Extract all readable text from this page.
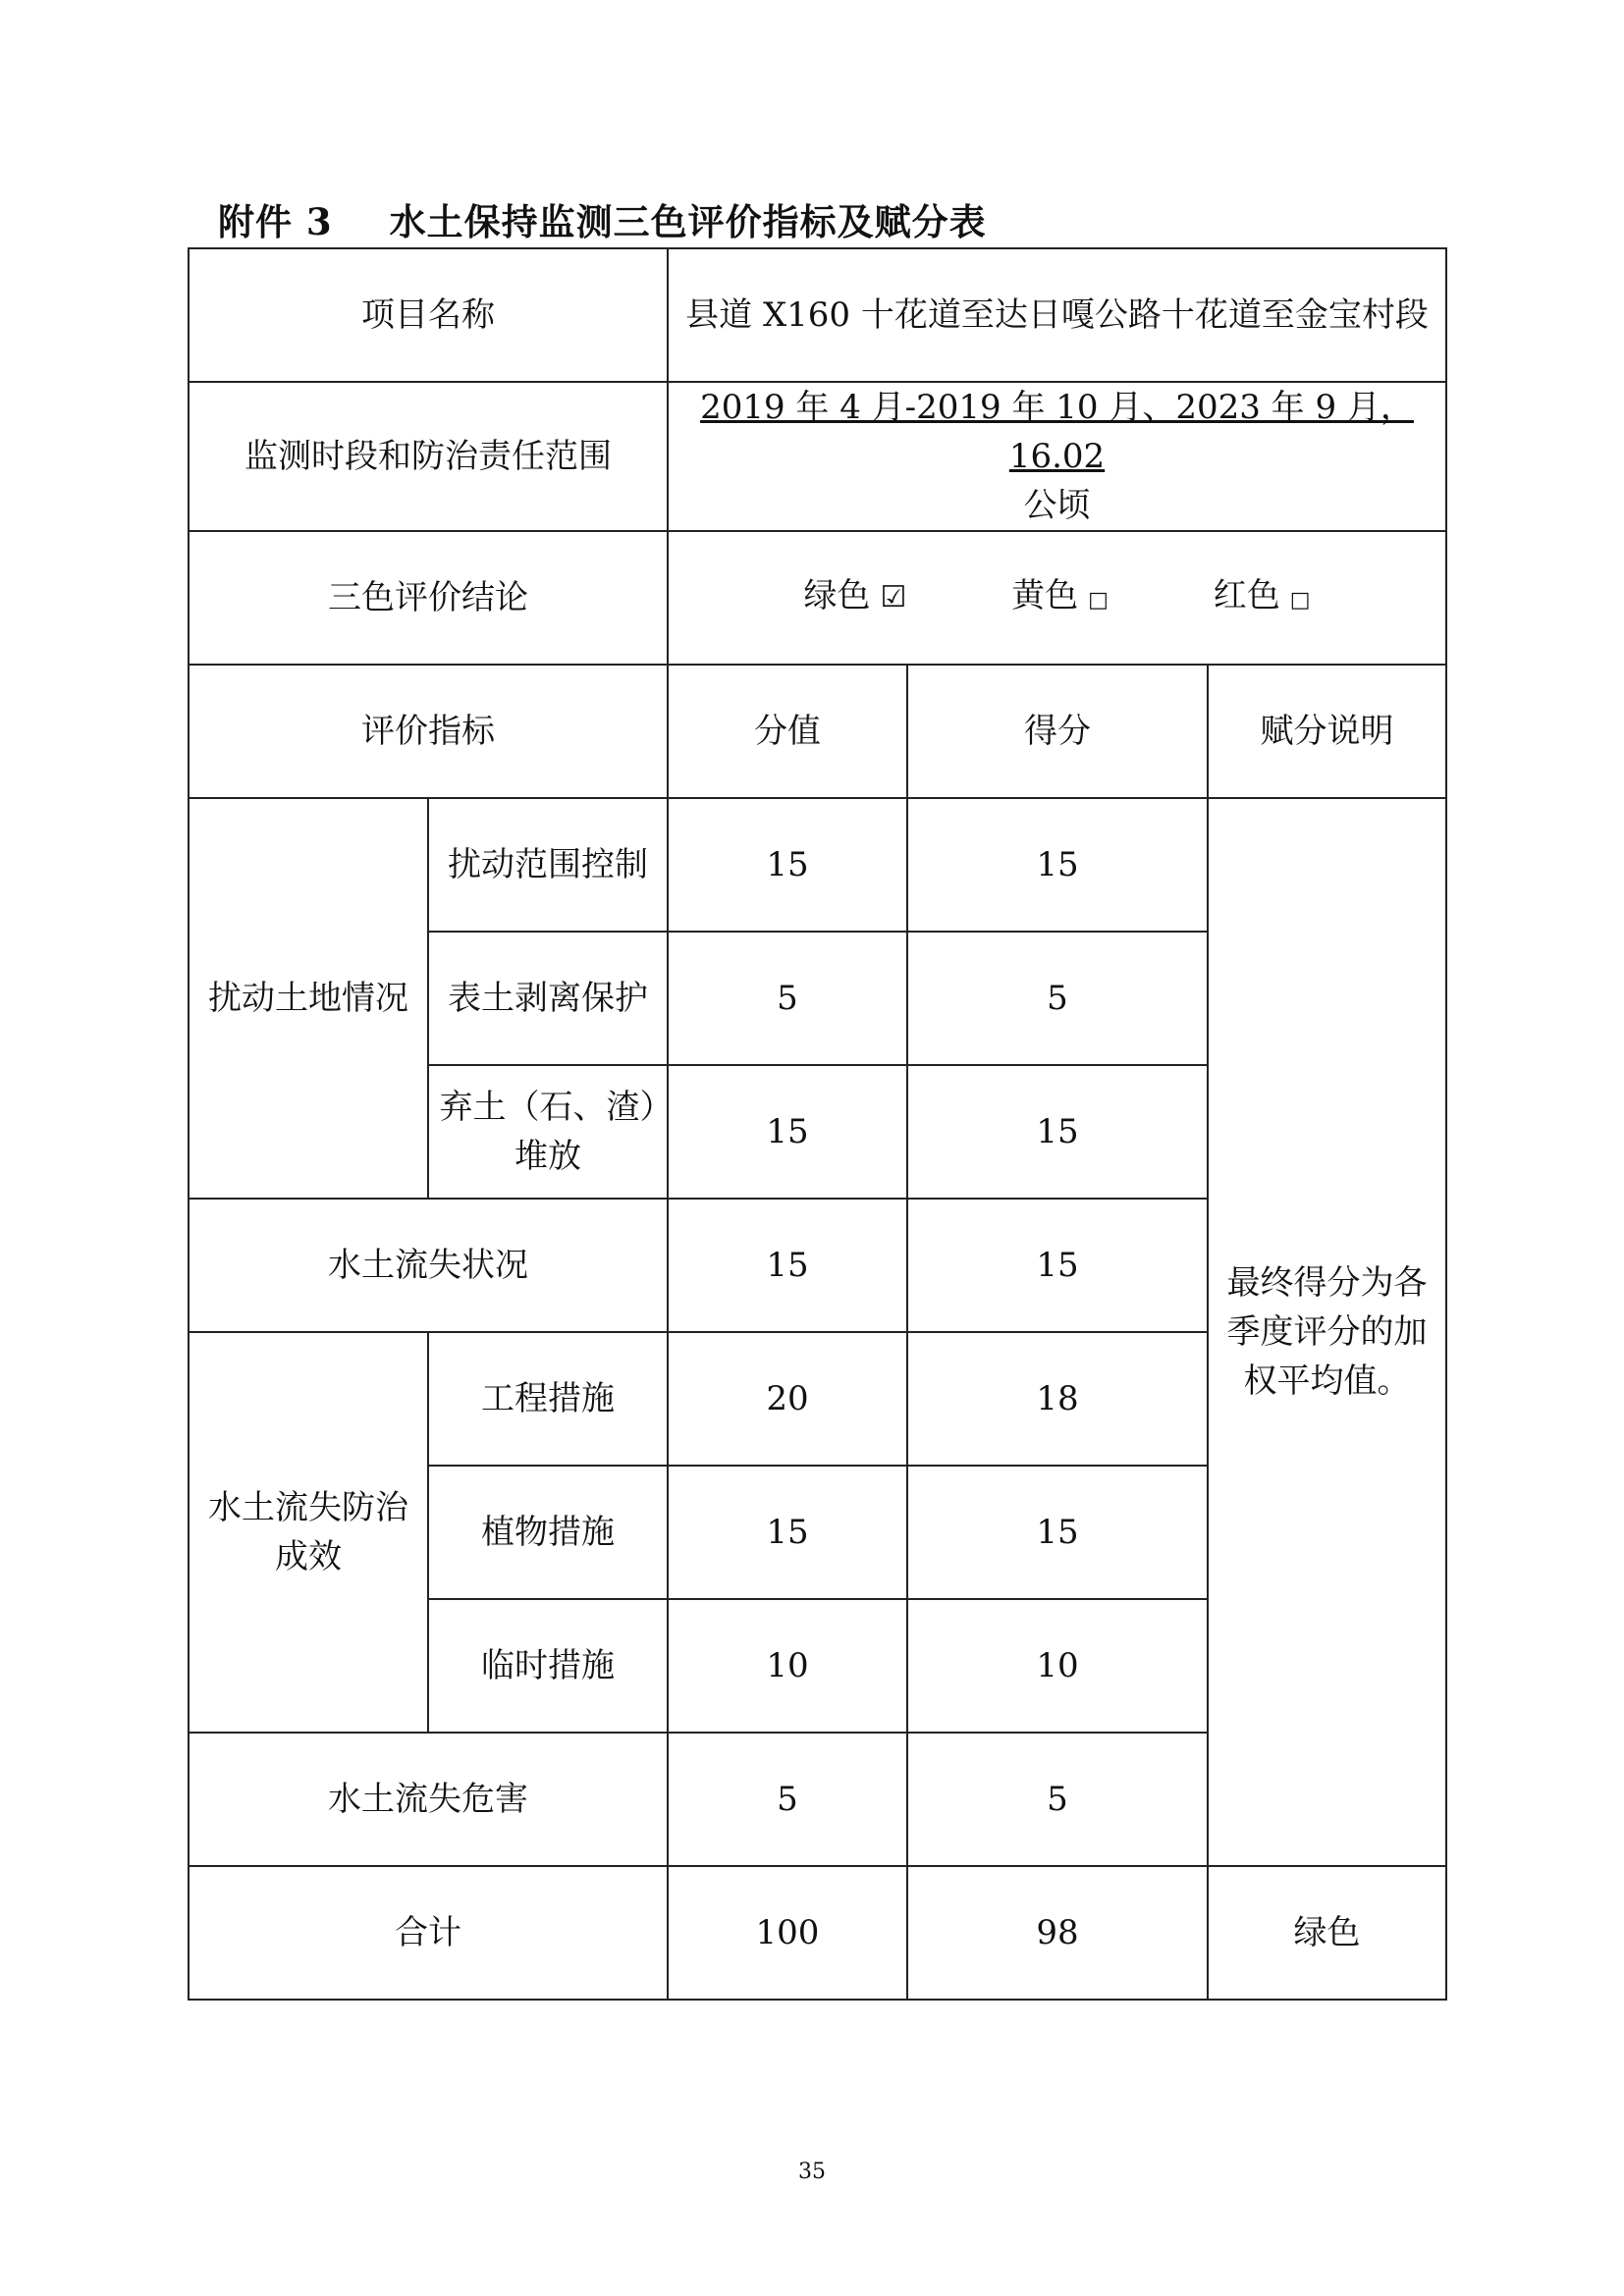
附件 3 水土保持监测三色评价指标及赋分表
项目名称		县道 X160 十花道至达日嘎公路十花道至金宝村段		
监测时段和防治责任范围		2019 年 4 月-2019 年 10 月、2023 年 9 月，16.02
公顷		
三色评价结论		绿色 ☑ 黄色 □ 红色 □		
评价指标		分值	得分	赋分说明
扰动土地情况	扰动范围控制	15	15	最终得分为各季度评分的加权平均值。
	表土剥离保护	5	5	
	弃土（石、渣）堆放	15	15	
水土流失状况		15	15	
水土流失防治成效	工程措施	20	18	
	植物措施	15	15	
	临时措施	10	10	
水土流失危害		5	5	
合计		100	98	绿色
35
